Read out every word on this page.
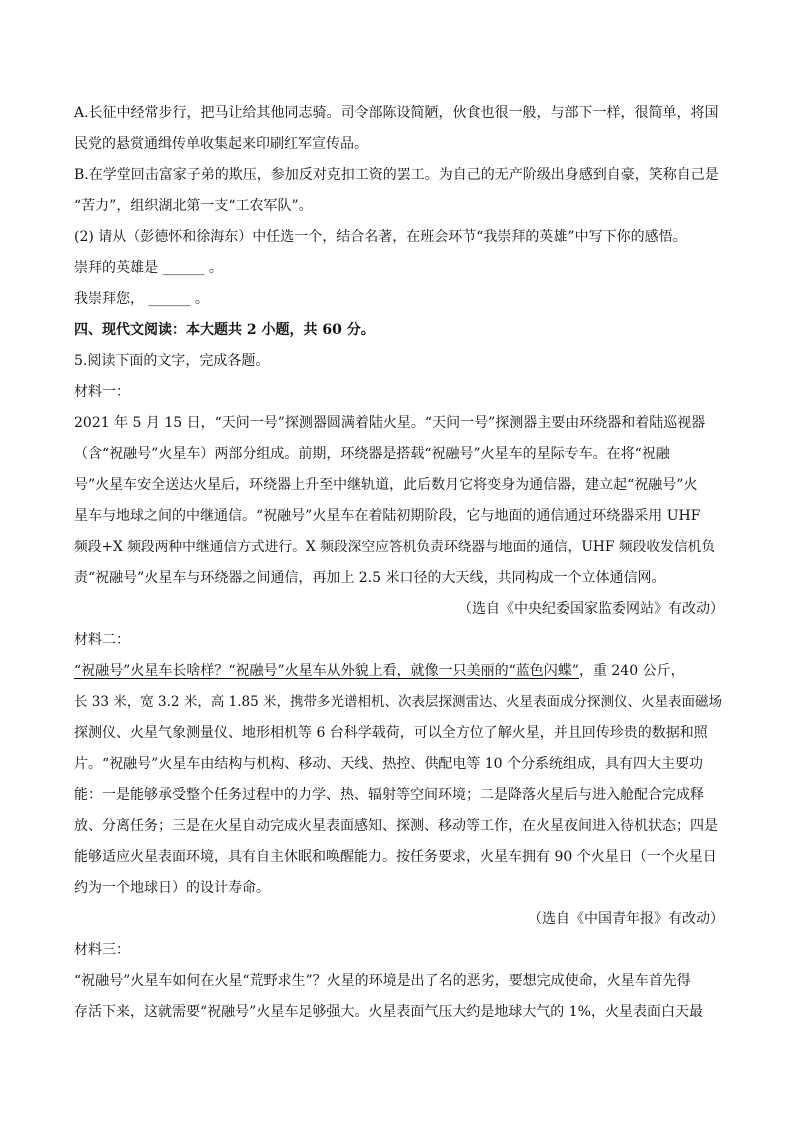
A.长征中经常步行，把马让给其他同志骑。司令部陈设简陋，伙食也很一般，与部下一样，很简单，将国
民党的悬赏通缉传单收集起来印刷红军宣传品。
B.在学堂回击富家子弟的欺压，参加反对克扣工资的罢工。为自己的无产阶级出身感到自豪，笑称自己是
“苦力”，组织湖北第一支“工农军队”。
(2) 请从（彭德怀和徐海东）中任选一个，结合名著，在班会环节“我崇拜的英雄”中写下你的感悟。
崇拜的英雄是 ______ 。
我崇拜您， ______ 。
四、现代文阅读：本大题共 2 小题，共 60 分。
5.阅读下面的文字，完成各题。
材料一：
2021 年 5 月 15 日，“天问一号”探测器圆满着陆火星。“天问一号”探测器主要由环绕器和着陆巡视器
（含“祝融号”火星车）两部分组成。前期，环绕器是搭载“祝融号”火星车的星际专车。在将“祝融
号”火星车安全送达火星后，环绕器上升至中继轨道，此后数月它将变身为通信器，建立起“祝融号”火
星车与地球之间的中继通信。“祝融号”火星车在着陆初期阶段，它与地面的通信通过环绕器采用 UHF
频段+X 频段两种中继通信方式进行。X 频段深空应答机负责环绕器与地面的通信，UHF 频段收发信机负
责“祝融号”火星车与环绕器之间通信，再加上 2.5 米口径的大天线，共同构成一个立体通信网。
（选自《中央纪委国家监委网站》有改动）
材料二：
“祝融号”火星车长啥样？“祝融号”火星车从外貌上看，就像一只美丽的“蓝色闪蝶”，重 240 公斤，
长 33 米，宽 3.2 米，高 1.85 米，携带多光谱相机、次表层探测雷达、火星表面成分探测仪、火星表面磁场
探测仪、火星气象测量仪、地形相机等 6 台科学载荷，可以全方位了解火星，并且回传珍贵的数据和照
片。“祝融号”火星车由结构与机构、移动、天线、热控、供配电等 10 个分系统组成，具有四大主要功
能：一是能够承受整个任务过程中的力学、热、辐射等空间环境；二是降落火星后与进入舱配合完成释
放、分离任务；三是在火星自动完成火星表面感知、探测、移动等工作，在火星夜间进入待机状态；四是
能够适应火星表面环境，具有自主休眠和唤醒能力。按任务要求，火星车拥有 90 个火星日（一个火星日
约为一个地球日）的设计寿命。
（选自《中国青年报》有改动）
材料三：
“祝融号”火星车如何在火星“荒野求生”？火星的环境是出了名的恶劣，要想完成使命，火星车首先得
存活下来，这就需要“祝融号”火星车足够强大。火星表面气压大约是地球大气的 1%，火星表面白天最
